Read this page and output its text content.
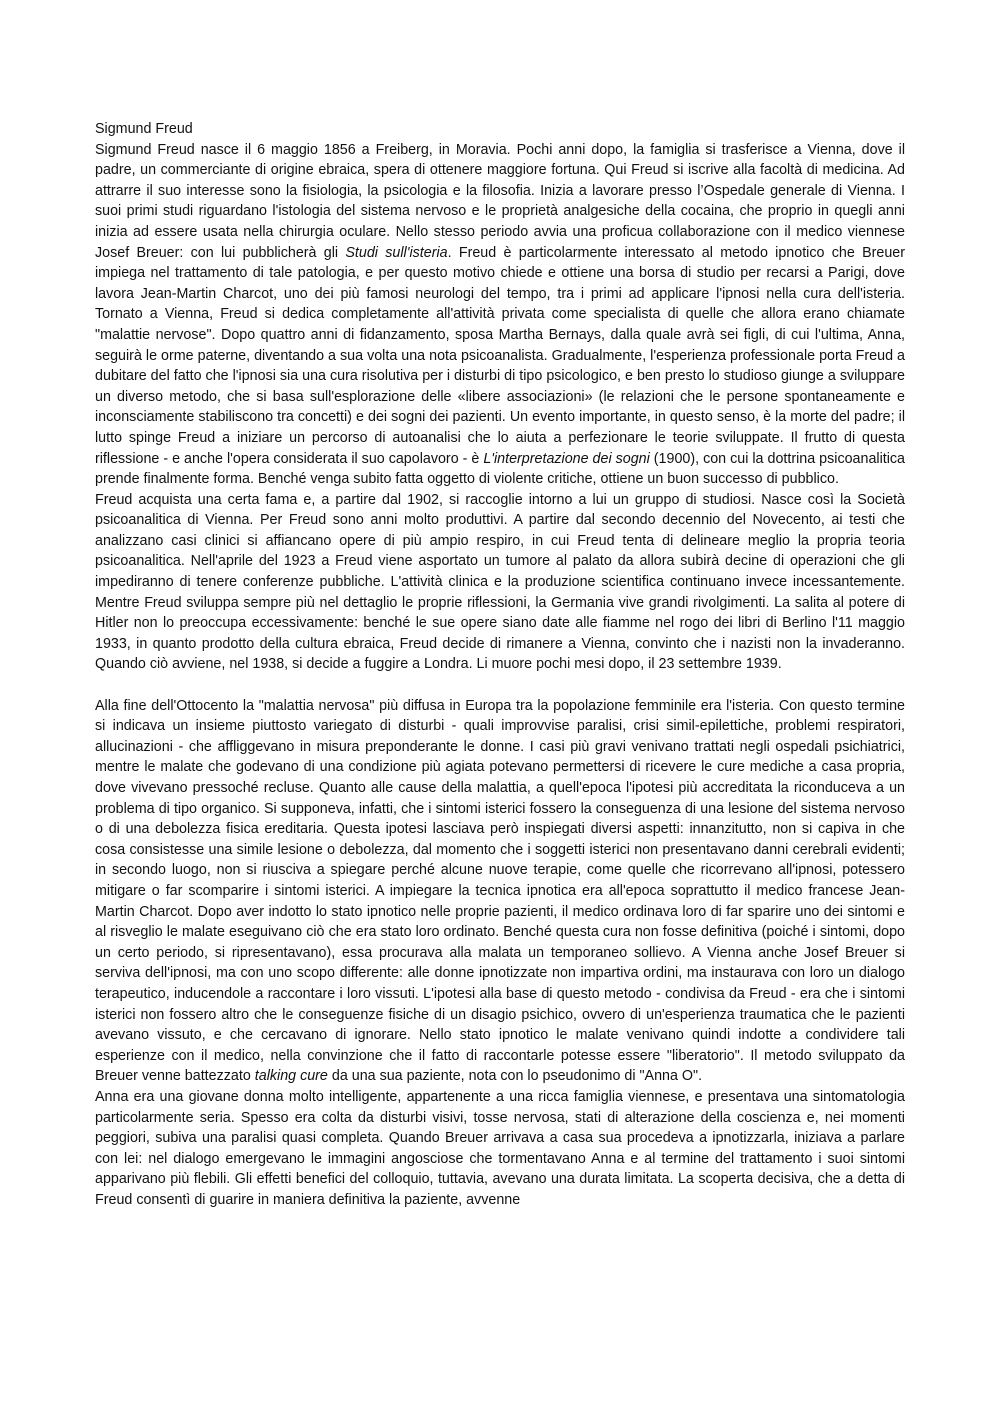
Sigmund Freud

Sigmund Freud nasce il 6 maggio 1856 a Freiberg, in Moravia. Pochi anni dopo, la famiglia si trasferisce a Vienna, dove il padre, un commerciante di origine ebraica, spera di ottenere maggiore fortuna. Qui Freud si iscrive alla facoltà di medicina. Ad attrarre il suo interesse sono la fisiologia, la psicologia e la filosofia. Inizia a lavorare presso l’Ospedale generale di Vienna. I suoi primi studi riguardano l'istologia del sistema nervoso e le proprietà analgesiche della cocaina, che proprio in quegli anni inizia ad essere usata nella chirurgia oculare. Nello stesso periodo avvia una proficua collaborazione con il medico viennese Josef Breuer: con lui pubblicherà gli Studi sull'isteria. Freud è particolarmente interessato al metodo ipnotico che Breuer impiega nel trattamento di tale patologia, e per questo motivo chiede e ottiene una borsa di studio per recarsi a Parigi, dove lavora Jean-Martin Charcot, uno dei più famosi neurologi del tempo, tra i primi ad applicare l'ipnosi nella cura dell'isteria. Tornato a Vienna, Freud si dedica completamente all'attività privata come specialista di quelle che allora erano chiamate "malattie nervose". Dopo quattro anni di fidanzamento, sposa Martha Bernays, dalla quale avrà sei figli, di cui l'ultima, Anna, seguirà le orme paterne, diventando a sua volta una nota psicoanalista. Gradualmente, l'esperienza professionale porta Freud a dubitare del fatto che l'ipnosi sia una cura risolutiva per i disturbi di tipo psicologico, e ben presto lo studioso giunge a sviluppare un diverso metodo, che si basa sull'esplorazione delle «libere associazioni» (le relazioni che le persone spontaneamente e inconsciamente stabiliscono tra concetti) e dei sogni dei pazienti. Un evento importante, in questo senso, è la morte del padre; il lutto spinge Freud a iniziare un percorso di autoanalisi che lo aiuta a perfezionare le teorie sviluppate. Il frutto di questa riflessione - e anche l'opera considerata il suo capolavoro - è L'interpretazione dei sogni (1900), con cui la dottrina psicoanalitica prende finalmente forma. Benché venga subito fatta oggetto di violente critiche, ottiene un buon successo di pubblico.

Freud acquista una certa fama e, a partire dal 1902, si raccoglie intorno a lui un gruppo di studiosi. Nasce così la Società psicoanalitica di Vienna. Per Freud sono anni molto produttivi. A partire dal secondo decennio del Novecento, ai testi che analizzano casi clinici si affiancano opere di più ampio respiro, in cui Freud tenta di delineare meglio la propria teoria psicoanalitica. Nell'aprile del 1923 a Freud viene asportato un tumore al palato da allora subirà decine di operazioni che gli impediranno di tenere conferenze pubbliche. L'attività clinica e la produzione scientifica continuano invece incessantemente. Mentre Freud sviluppa sempre più nel dettaglio le proprie riflessioni, la Germania vive grandi rivolgimenti. La salita al potere di Hitler non lo preoccupa eccessivamente: benché le sue opere siano date alle fiamme nel rogo dei libri di Berlino l'11 maggio 1933, in quanto prodotto della cultura ebraica, Freud decide di rimanere a Vienna, convinto che i nazisti non la invaderanno. Quando ciò avviene, nel 1938, si decide a fuggire a Londra. Li muore pochi mesi dopo, il 23 settembre 1939.

Alla fine dell'Ottocento la "malattia nervosa" più diffusa in Europa tra la popolazione femminile era l'isteria. Con questo termine si indicava un insieme piuttosto variegato di disturbi - quali improvvise paralisi, crisi simil-epilettiche, problemi respiratori, allucinazioni - che affliggevano in misura preponderante le donne. I casi più gravi venivano trattati negli ospedali psichiatrici, mentre le malate che godevano di una condizione più agiata potevano permettersi di ricevere le cure mediche a casa propria, dove vivevano pressoché recluse. Quanto alle cause della malattia, a quell'epoca l'ipotesi più accreditata la riconduceva a un problema di tipo organico. Si supponeva, infatti, che i sintomi isterici fossero la conseguenza di una lesione del sistema nervoso o di una debolezza fisica ereditaria. Questa ipotesi lasciava però inspiegati diversi aspetti: innanzitutto, non si capiva in che cosa consistesse una simile lesione o debolezza, dal momento che i soggetti isterici non presentavano danni cerebrali evidenti; in secondo luogo, non si riusciva a spiegare perché alcune nuove terapie, come quelle che ricorrevano all'ipnosi, potessero mitigare o far scomparire i sintomi isterici. A impiegare la tecnica ipnotica era all'epoca soprattutto il medico francese Jean-Martin Charcot. Dopo aver indotto lo stato ipnotico nelle proprie pazienti, il medico ordinava loro di far sparire uno dei sintomi e al risveglio le malate eseguivano ciò che era stato loro ordinato. Benché questa cura non fosse definitiva (poiché i sintomi, dopo un certo periodo, si ripresentavano), essa procurava alla malata un temporaneo sollievo. A Vienna anche Josef Breuer si serviva dell'ipnosi, ma con uno scopo differente: alle donne ipnotizzate non impartiva ordini, ma instaurava con loro un dialogo terapeutico, inducendole a raccontare i loro vissuti. L'ipotesi alla base di questo metodo - condivisa da Freud - era che i sintomi isterici non fossero altro che le conseguenze fisiche di un disagio psichico, ovvero di un'esperienza traumatica che le pazienti avevano vissuto, e che cercavano di ignorare. Nello stato ipnotico le malate venivano quindi indotte a condividere tali esperienze con il medico, nella convinzione che il fatto di raccontarle potesse essere "liberatorio". Il metodo sviluppato da Breuer venne battezzato talking cure da una sua paziente, nota con lo pseudonimo di "Anna O".

Anna era una giovane donna molto intelligente, appartenente a una ricca famiglia viennese, e presentava una sintomatologia particolarmente seria. Spesso era colta da disturbi visivi, tosse nervosa, stati di alterazione della coscienza e, nei momenti peggiori, subiva una paralisi quasi completa. Quando Breuer arrivava a casa sua procedeva a ipnotizzarla, iniziava a parlare con lei: nel dialogo emergevano le immagini angosciose che tormentavano Anna e al termine del trattamento i suoi sintomi apparivano più flebili. Gli effetti benefici del colloquio, tuttavia, avevano una durata limitata. La scoperta decisiva, che a detta di Freud consentì di guarire in maniera definitiva la paziente, avvenne
